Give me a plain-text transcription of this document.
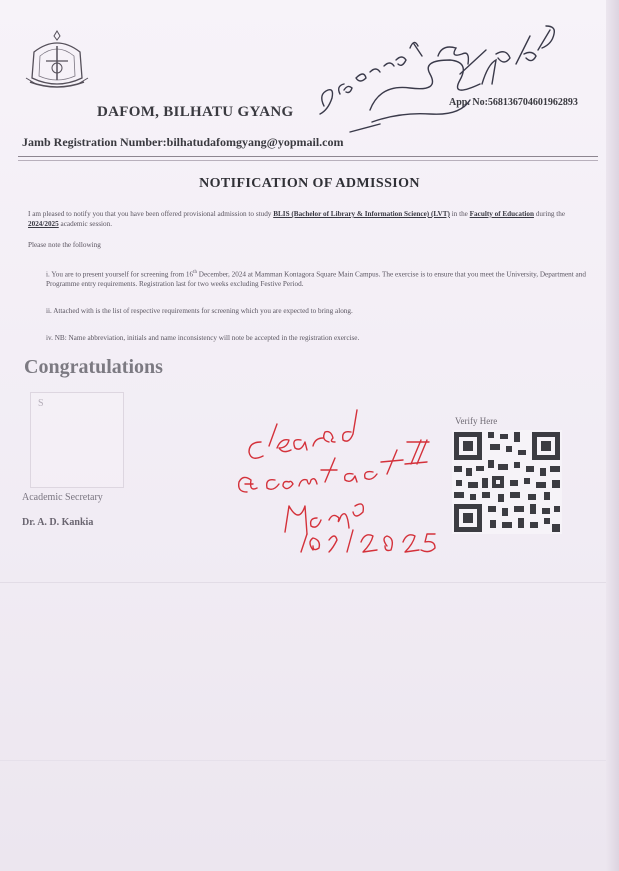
DAFOM, BILHATU GYANG
App. No:568136704601962893
Jamb Registration Number:bilhatudafomgyang@yopmail.com
NOTIFICATION OF ADMISSION
I am pleased to notify you that you have been offered provisional admission to study BLIS (Bachelor of Library & Information Science) (LVT) in the Faculty of Education during the 2024/2025 academic session.
Please note the following
i. You are to present yourself for screening from 16th December, 2024 at Mamman Kontagora Square Main Campus. The exercise is to ensure that you meet the University, Department and Programme entry requirements. Registration last for two weeks excluding Festive Period.
ii. Attached with is the list of respective requirements for screening which you are expected to bring along.
iv. NB: Name abbreviation, initials and name inconsistency will note be accepted in the registration exercise.
Congratulations
S
Academic Secretary
Dr. A. D. Kankia
Verify Here
